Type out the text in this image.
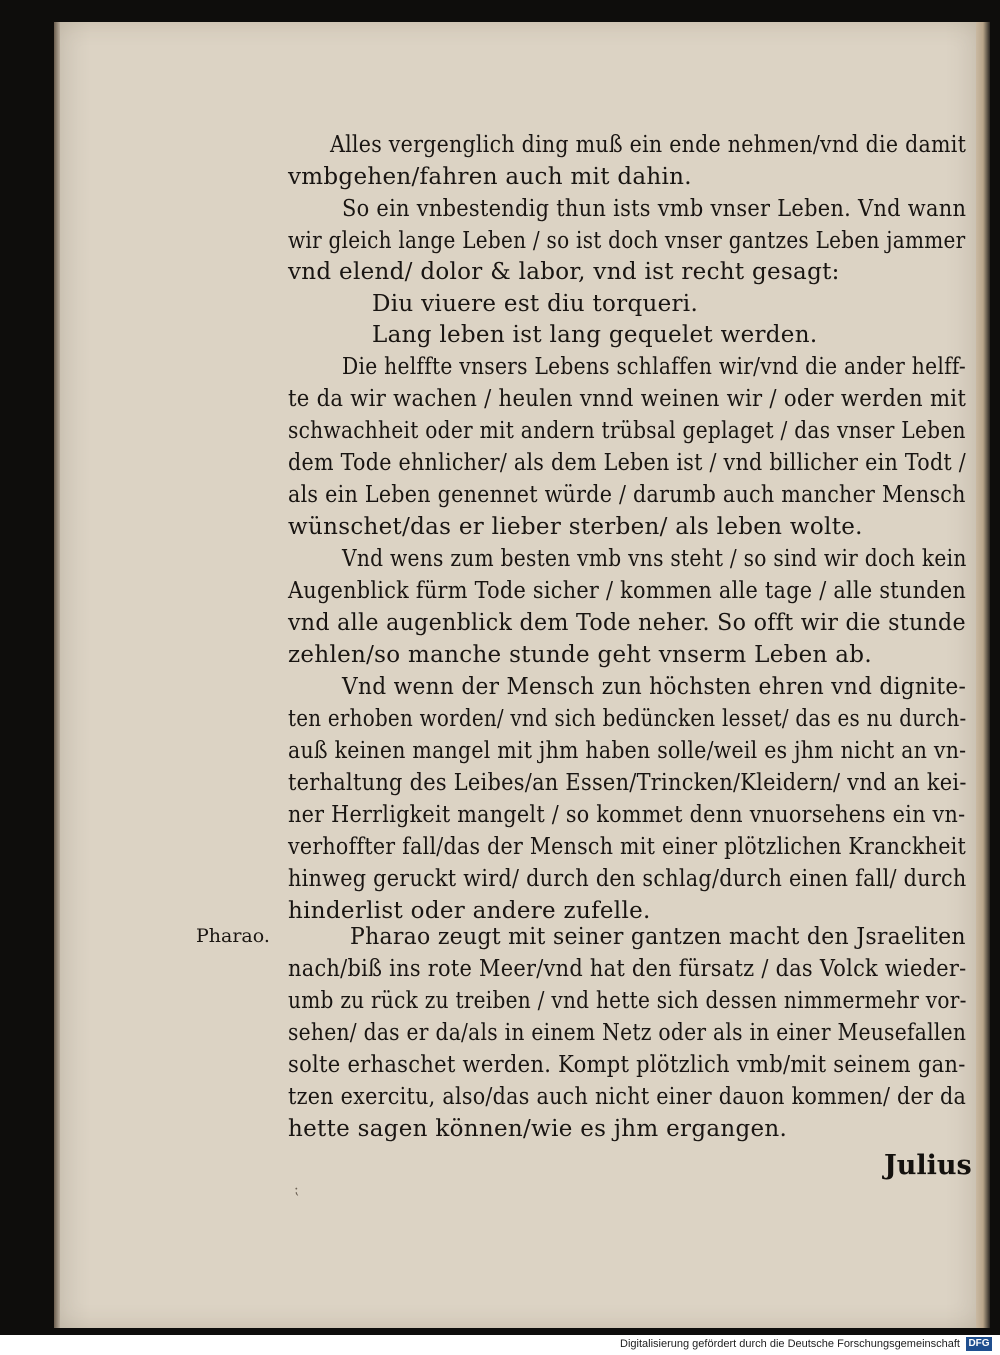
Alles vergenglich ding muß ein ende nehmen/vnd die damit
vmbgehen/fahren auch mit dahin.
So ein vnbestendig thun ists vmb vnser Leben. Vnd wann
wir gleich lange Leben / so ist doch vnser gantzes Leben jammer
vnd elend/ dolor & labor, vnd ist recht gesagt:
Diu viuere est diu torqueri.
Lang leben ist lang gequelet werden.
Die helffte vnsers Lebens schlaffen wir/vnd die ander helff-
te da wir wachen / heulen vnnd weinen wir / oder werden mit
schwachheit oder mit andern trübsal geplaget / das vnser Leben
dem Tode ehnlicher/ als dem Leben ist / vnd billicher ein Todt /
als ein Leben genennet würde / darumb auch mancher Mensch
wünschet/das er lieber sterben/ als leben wolte.
Vnd wens zum besten vmb vns steht / so sind wir doch kein
Augenblick fürm Tode sicher / kommen alle tage / alle stunden
vnd alle augenblick dem Tode neher. So offt wir die stunde
zehlen/so manche stunde geht vnserm Leben ab.
Vnd wenn der Mensch zun höchsten ehren vnd dignite-
ten erhoben worden/ vnd sich bedüncken lesset/ das es nu durch-
auß keinen mangel mit jhm haben solle/weil es jhm nicht an vn-
terhaltung des Leibes/an Essen/Trincken/Kleidern/ vnd an kei-
ner Herrligkeit mangelt / so kommet denn vnuorsehens ein vn-
verhoffter fall/das der Mensch mit einer plötzlichen Kranckheit
hinweg geruckt wird/ durch den schlag/durch einen fall/ durch
hinderlist oder andere zufelle.
Pharao zeugt mit seiner gantzen macht den Jsraeliten
nach/biß ins rote Meer/vnd hat den fürsatz / das Volck wieder-
umb zu rück zu treiben / vnd hette sich dessen nimmermehr vor-
sehen/ das er da/als in einem Netz oder als in einer Meusefallen
solte erhaschet werden. Kompt plötzlich vmb/mit seinem gan-
tzen exercitu, also/das auch nicht einer dauon kommen/ der da
hette sagen können/wie es jhm ergangen.
Pharao.
Julius
⁏
Digitalisierung gefördert durch die Deutsche Forschungsgemeinschaft DFG
